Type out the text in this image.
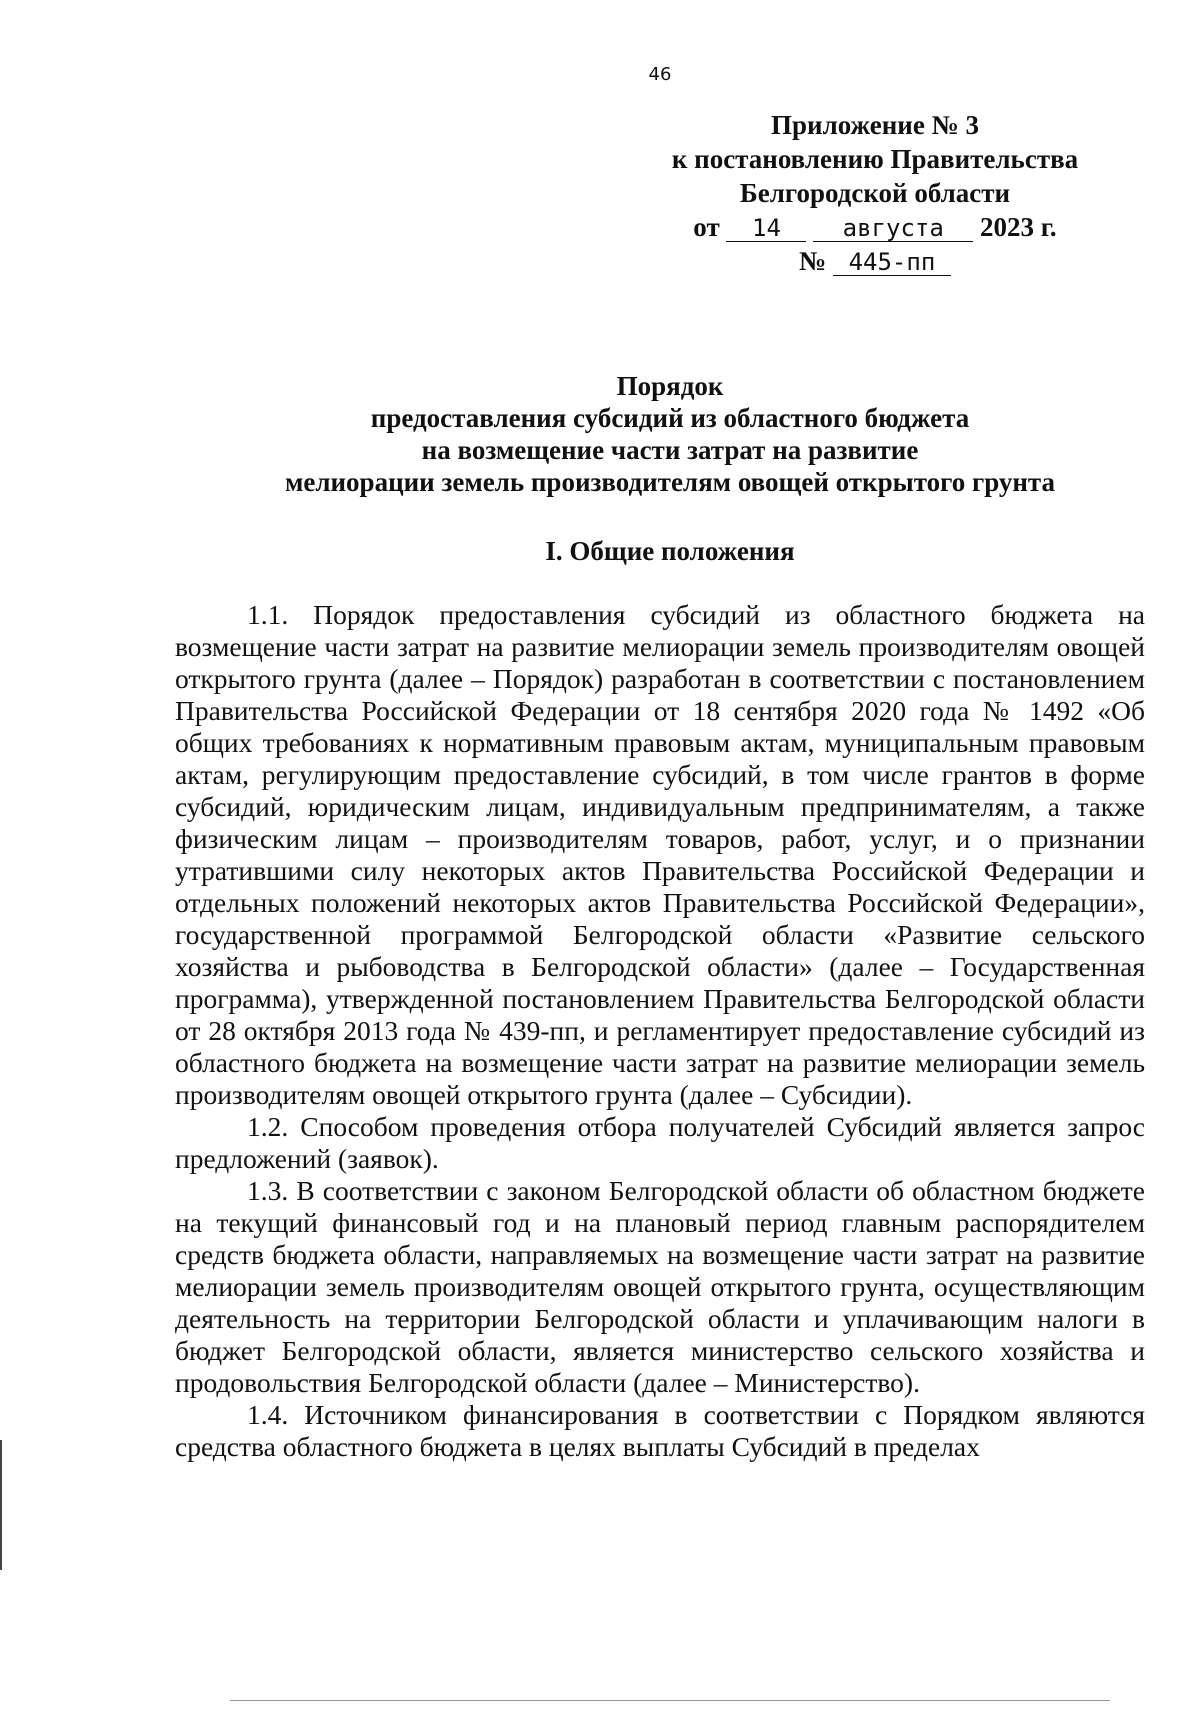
46
Приложение № 3
к постановлению Правительства
Белгородской области
от 14	августа 2023 г.
№ 445-пп
Порядок
предоставления субсидий из областного бюджета
на возмещение части затрат на развитие
мелиорации земель производителям овощей открытого грунта
I. Общие положения

1.1. Порядок предоставления субсидий из областного бюджета на возмещение части затрат на развитие мелиорации земель производителям овощей открытого грунта (далее – Порядок) разработан в соответствии с постановлением Правительства Российской Федерации от 18 сентября 2020 года № 1492 «Об общих требованиях к нормативным правовым актам, муниципальным правовым актам, регулирующим предоставление субсидий, в том числе грантов в форме субсидий, юридическим лицам, индивидуальным предпринимателям, а также физическим лицам – производителям товаров, работ, услуг, и о признании утратившими силу некоторых актов Правительства Российской Федерации и отдельных положений некоторых актов Правительства Российской Федерации», государственной программой Белгородской области «Развитие сельского хозяйства и рыбоводства в Белгородской области» (далее – Государственная программа), утвержденной постановлением Правительства Белгородской области от 28 октября 2013 года № 439-пп, и регламентирует предоставление субсидий из областного бюджета на возмещение части затрат на развитие мелиорации земель производителям овощей открытого грунта (далее – Субсидии).

1.2. Способом проведения отбора получателей Субсидий является запрос предложений (заявок).

1.3. В соответствии с законом Белгородской области об областном бюджете на текущий финансовый год и на плановый период главным распорядителем средств бюджета области, направляемых на возмещение части затрат на развитие мелиорации земель производителям овощей открытого грунта, осуществляющим деятельность на территории Белгородской области и уплачивающим налоги в бюджет Белгородской области, является министерство сельского хозяйства и продовольствия Белгородской области (далее – Министерство).

1.4. Источником финансирования в соответствии с Порядком являются средства областного бюджета в целях выплаты Субсидий в пределах
